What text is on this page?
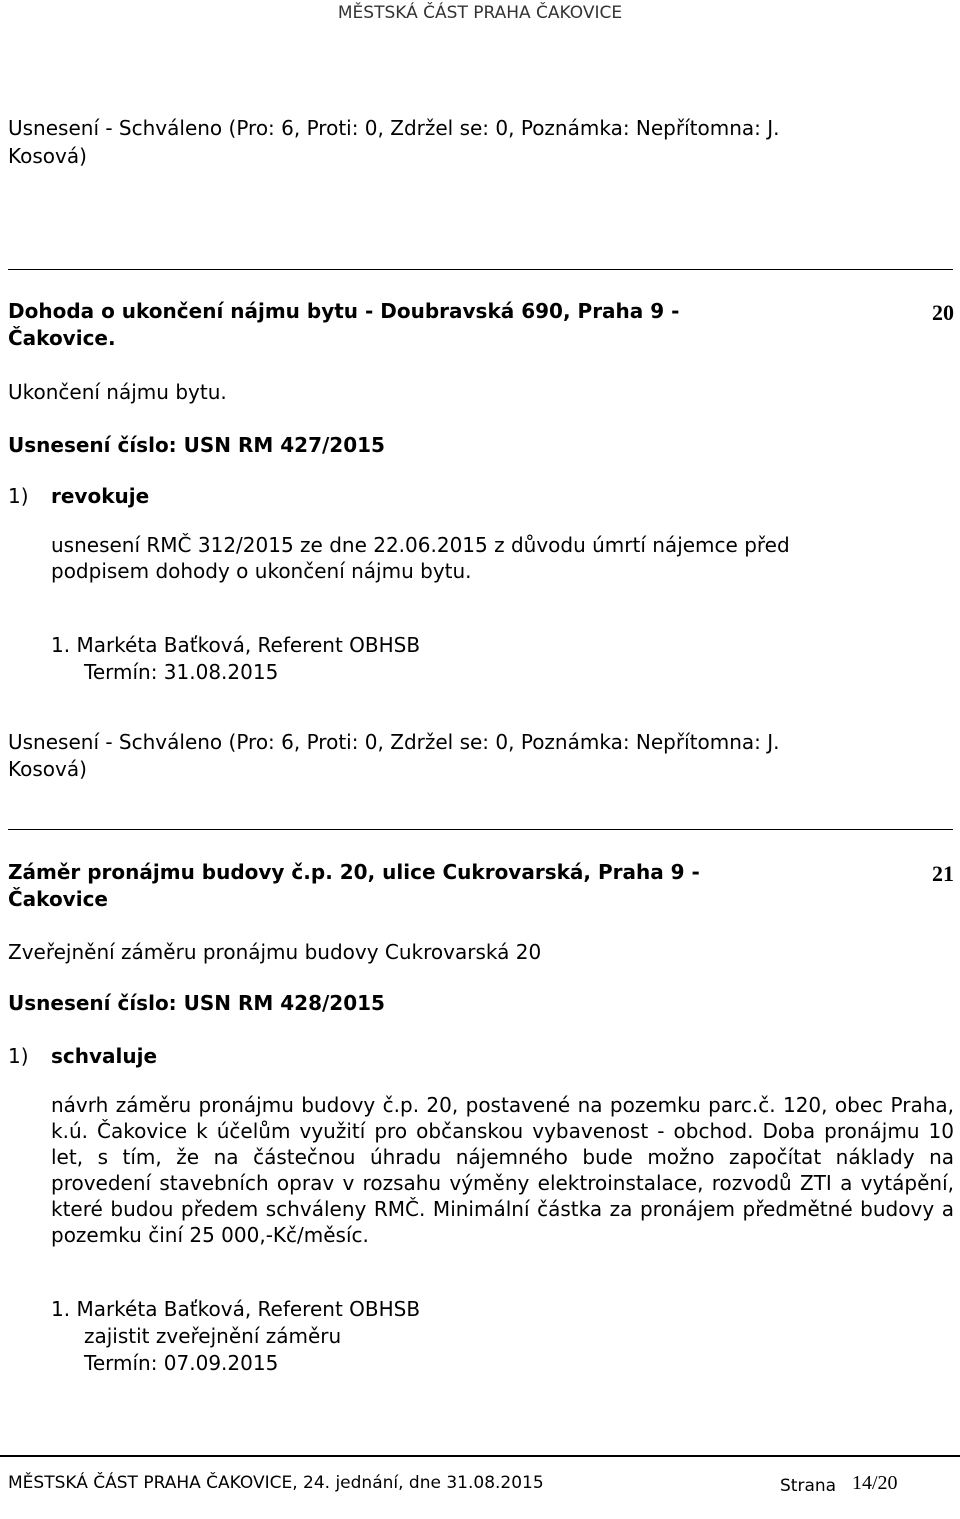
MĚSTSKÁ ČÁST PRAHA ČAKOVICE
Usnesení - Schváleno (Pro: 6, Proti: 0, Zdržel se: 0, Poznámka: Nepřítomna: J.
Kosová)
Dohoda o ukončení nájmu bytu - Doubravská 690, Praha 9 -
Čakovice.
20
Ukončení nájmu bytu.
Usnesení číslo: USN RM 427/2015
1) revokuje
usnesení RMČ 312/2015 ze dne 22.06.2015 z důvodu úmrtí nájemce před
podpisem dohody o ukončení nájmu bytu.
1. Markéta Baťková, Referent OBHSB
Termín: 31.08.2015
Usnesení - Schváleno (Pro: 6, Proti: 0, Zdržel se: 0, Poznámka: Nepřítomna: J.
Kosová)
Záměr pronájmu budovy č.p. 20, ulice Cukrovarská, Praha 9 -
Čakovice
21
Zveřejnění záměru pronájmu budovy Cukrovarská 20
Usnesení číslo: USN RM 428/2015
1) schvaluje
návrh záměru pronájmu budovy č.p. 20, postavené na pozemku parc.č. 120, obec Praha, k.ú. Čakovice k účelům využití pro občanskou vybavenost - obchod. Doba pronájmu 10 let, s tím, že na částečnou úhradu nájemného bude možno započítat náklady na provedení stavebních oprav v rozsahu výměny elektroinstalace, rozvodů ZTI a vytápění, které budou předem schváleny RMČ. Minimální částka za pronájem předmětné budovy a pozemku činí 25 000,-Kč/měsíc.
1. Markéta Baťková, Referent OBHSB
zajistit zveřejnění záměru
Termín: 07.09.2015
MĚSTSKÁ ČÁST PRAHA ČAKOVICE, 24. jednání, dne 31.08.2015	Strana 14/20
